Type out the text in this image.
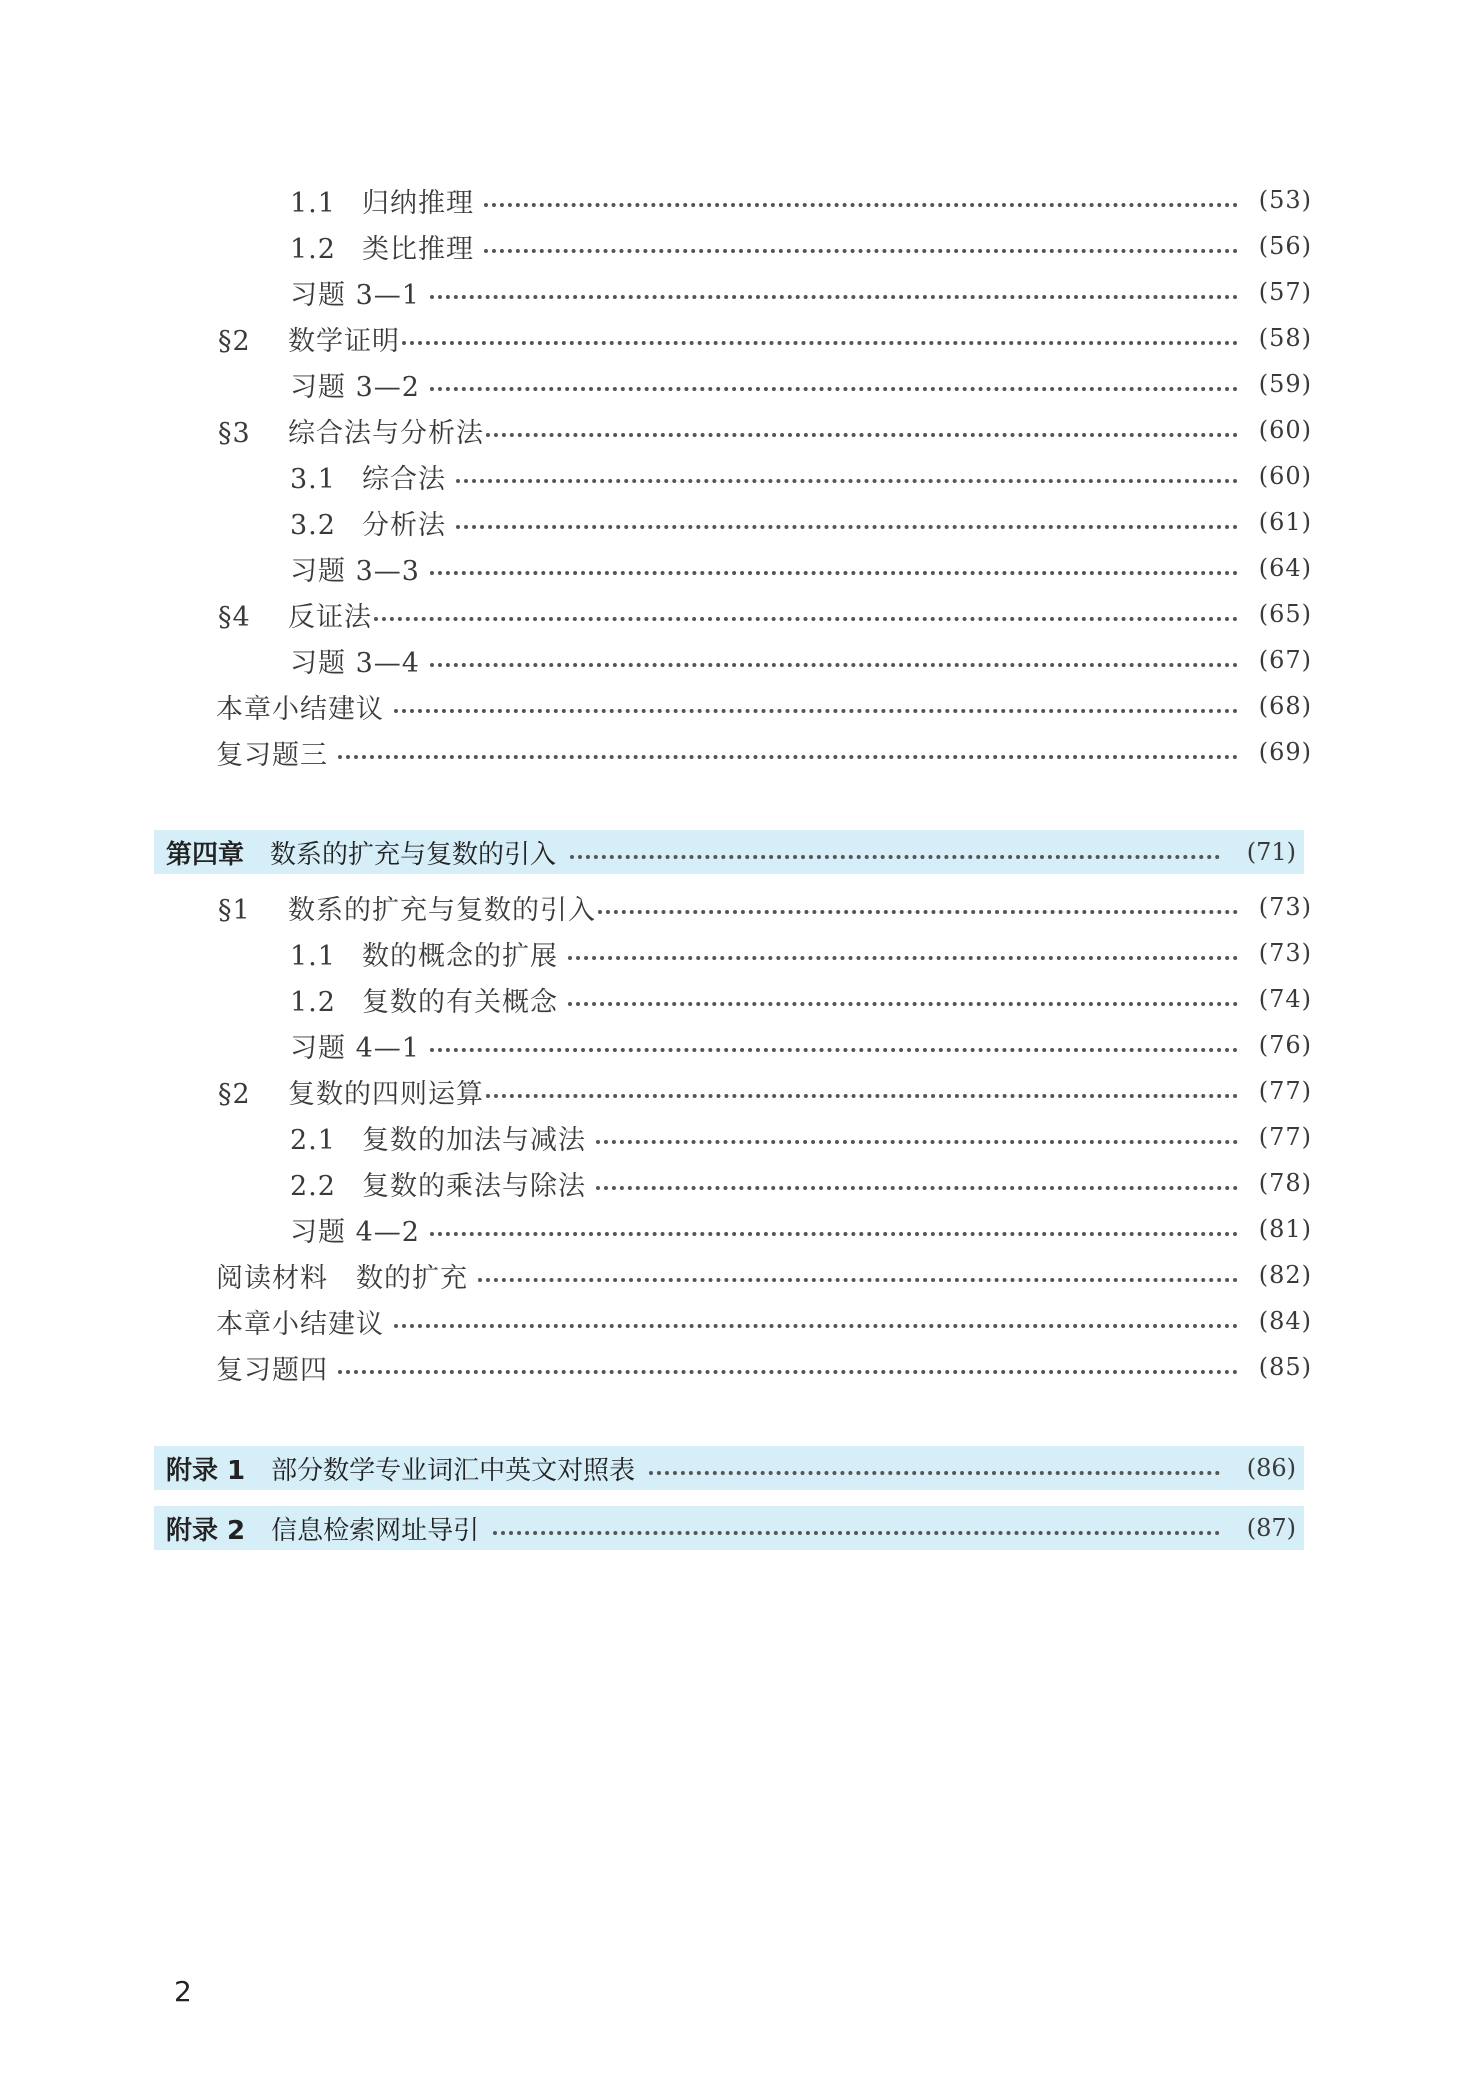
1.1 归纳推理	(53)
1.2 类比推理	(56)
习题 3—1	(57)
§2 数学证明	(58)
习题 3—2	(59)
§3 综合法与分析法	(60)
3.1 综合法	(60)
3.2 分析法	(61)
习题 3—3	(64)
§4 反证法	(65)
习题 3—4	(67)
本章小结建议	(68)
复习题三	(69)
第四章 数系的扩充与复数的引入	(71)
§1 数系的扩充与复数的引入	(73)
1.1 数的概念的扩展	(73)
1.2 复数的有关概念	(74)
习题 4—1	(76)
§2 复数的四则运算	(77)
2.1 复数的加法与减法	(77)
2.2 复数的乘法与除法	(78)
习题 4—2	(81)
阅读材料　数的扩充	(82)
本章小结建议	(84)
复习题四	(85)
附录 1 部分数学专业词汇中英文对照表	(86)
附录 2 信息检索网址导引	(87)
2
